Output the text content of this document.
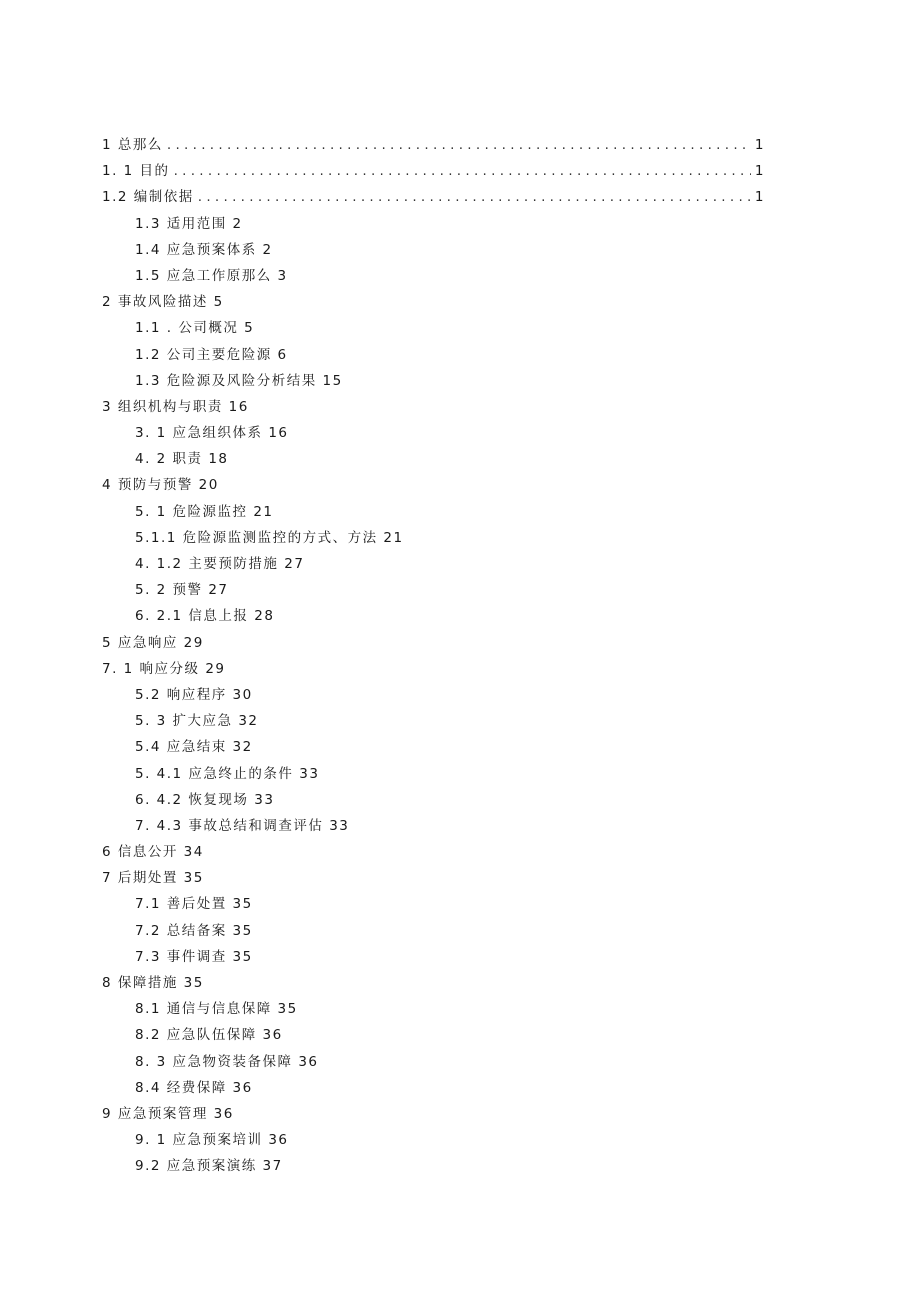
1 总那么 . . .	1
1. 1 目的 . . .	1
1.2 编制依据 . . .	1
1.3 适用范围 2
1.4 应急预案体系 2
1.5 应急工作原那么 3
2 事故风险描述 5
1.1 . 公司概况 5
1.2 公司主要危险源 6
1.3 危险源及风险分析结果 15
3 组织机构与职责 16
3. 1 应急组织体系 16
4. 2 职责 18
4 预防与预警 20
5. 1 危险源监控 21
5.1.1 危险源监测监控的方式、方法 21
4. 1.2 主要预防措施 27
5. 2 预警 27
6. 2.1 信息上报 28
5 应急响应 29
7. 1 响应分级 29
5.2 响应程序 30
5. 3 扩大应急 32
5.4 应急结束 32
5. 4.1 应急终止的条件 33
6. 4.2 恢复现场 33
7. 4.3 事故总结和调查评估 33
6 信息公开 34
7 后期处置 35
7.1 善后处置 35
7.2 总结备案 35
7.3 事件调查 35
8 保障措施 35
8.1 通信与信息保障 35
8.2 应急队伍保障 36
8. 3 应急物资装备保障 36
8.4 经费保障 36
9 应急预案管理 36
9. 1 应急预案培训 36
9.2 应急预案演练 37
